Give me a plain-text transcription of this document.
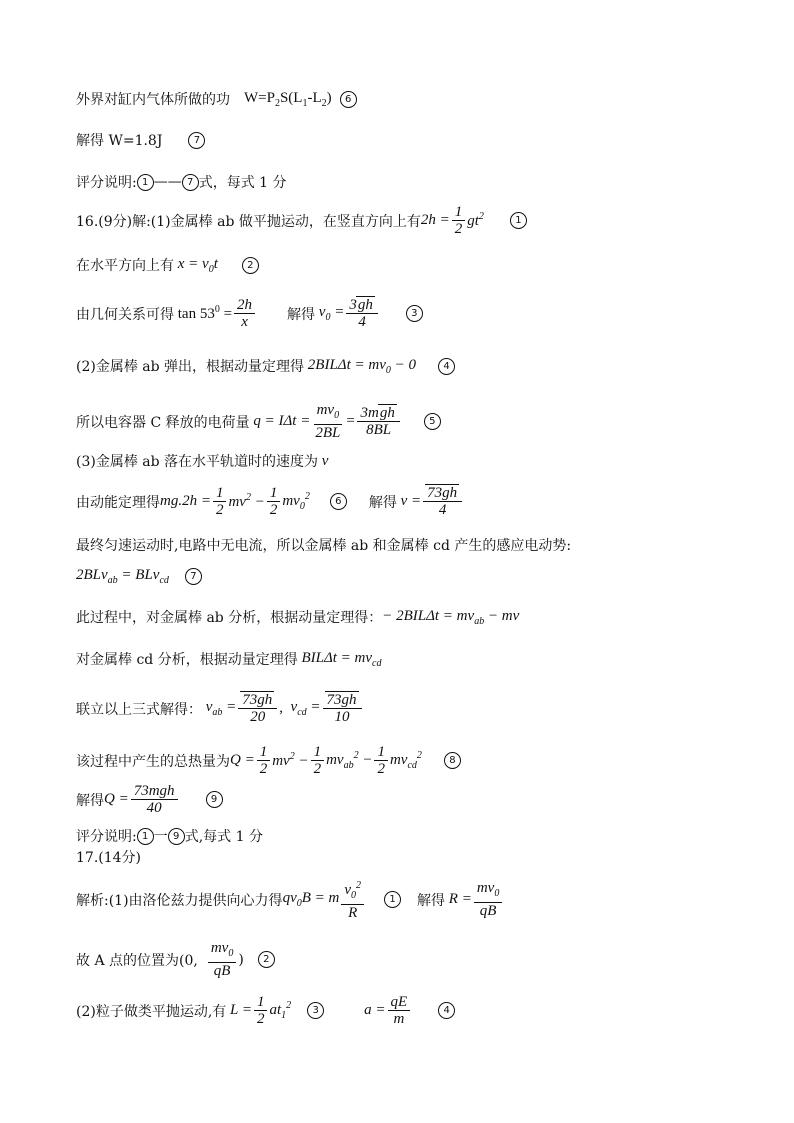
外界对缸内气体所做的功 $W=P_2S(L_1-L_2)$	6
解得 W=1.8J	7
评分说明: 1 —— 7 式，每式 1 分
16.(9分)解:(1)金属棒 ab 做平抛运动，在竖直方向上有 $2h = \frac{1}{2} gt^2$	1
在水平方向上有 $x = v_0t$	2
由几何关系可得 $\tan 53^0 = \frac{2h}{x}$ 解得 $v_0 = \frac{3gh}{4}$	3
(2)金属棒 ab 弹出，根据动量定理得 $2BIL\Delta t = mv_0 - 0$	4
所以电容器 C 释放的电荷量 $q = I\Delta t = \frac{mv_0}{2BL} = \frac{\text{3mgh}}{8BL}$	5
(3)金属棒 ab 落在水平轨道时的速度为 v
由动能定理得 $mg.2h = \frac{1}{2} mv^2 - \frac{1}{2} mv_0^2$	6	解得 $v = \frac{73gh}{4}$
最终匀速运动时,电路中无电流，所以金属棒 ab 和金属棒 cd 产生的感应电动势:
2BLv$_{ab}$ = BLv$_{cd}$	7
此过程中，对金属棒 ab 分析，根据动量定理得： − $2BIL\Delta t = mv_{ab}$ − mv
对金属棒 cd 分析，根据动量定理得 $BIL\Delta t = mv_{cd}$
联立以上三式解得： $v_{ab} = \frac{73gh}{20}$ , $v_{cd} = \frac{73gh}{10}$
该过程中产生的总热量为 $Q = \frac{1}{2} mv^2 - \frac{1}{2} mv_{ab}^2 - \frac{1}{2} mv_{cd}^2$	8
解得 $Q = \frac{\text{73mgh}}{40}$	9
评分说明: 1 一 9 式,每式 1 分
17.(14分)
解析:(1)由洛伦兹力提供向心力得 $qv_0B = m \frac{v_0^2}{R}$	1	解得 $R = \frac{mv_0}{qB}$
故 A 点的位置为(0, $\frac{mv_0}{qB}$ )	2
(2)粒子做类平抛运动,有 $L = \frac{1}{2} at_1^2$	3	$a = \frac{qE}{m}$	4
